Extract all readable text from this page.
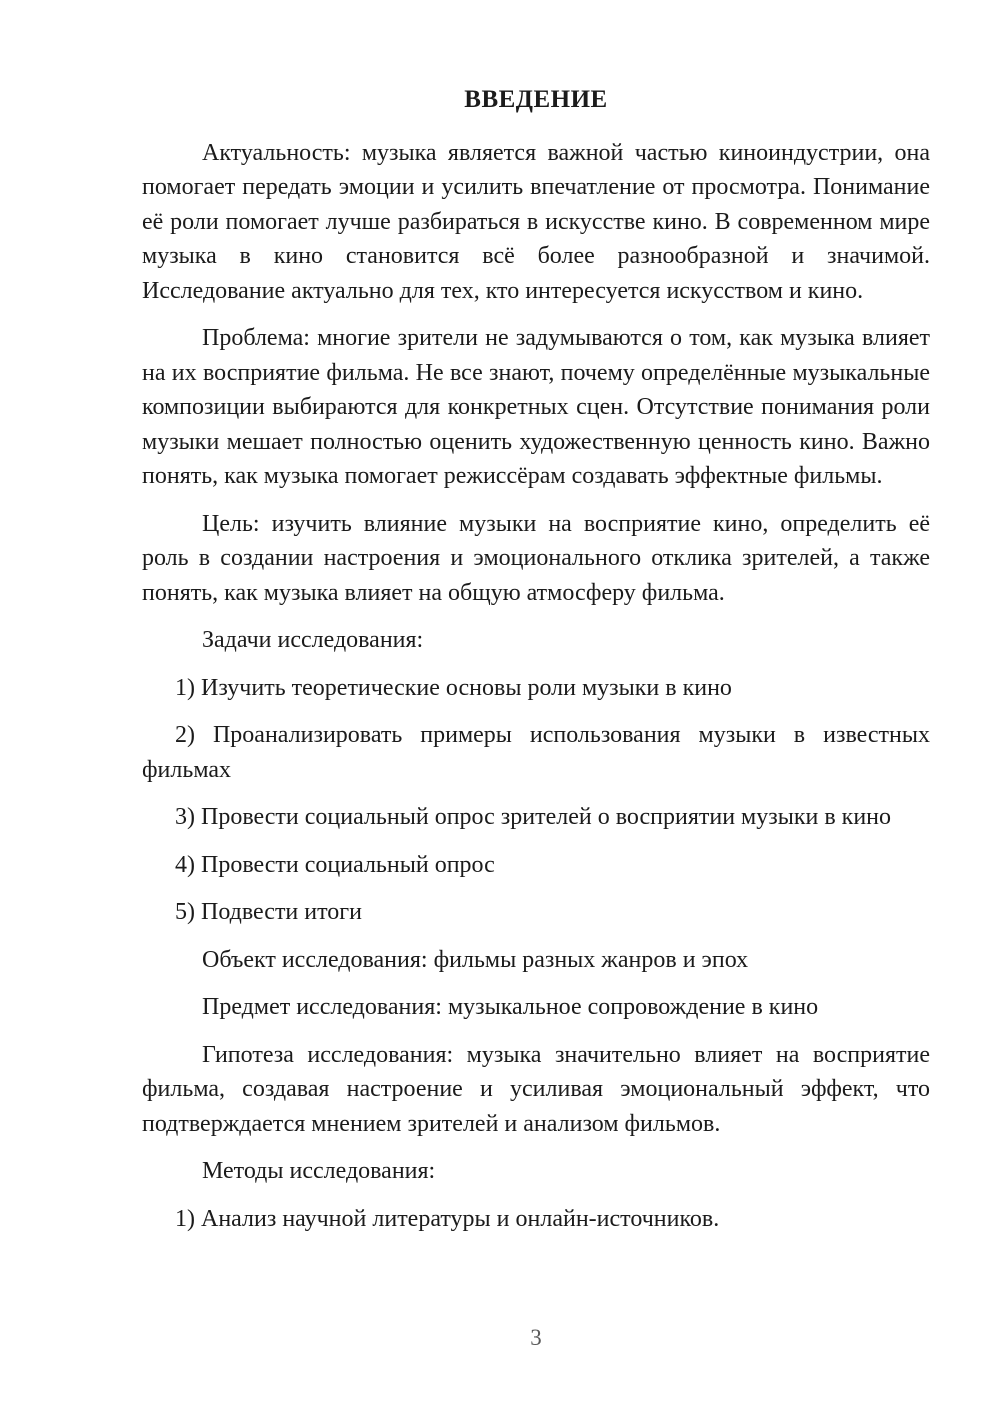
ВВЕДЕНИЕ

Актуальность: музыка является важной частью киноиндустрии, она помогает передать эмоции и усилить впечатление от просмотра. Понимание её роли помогает лучше разбираться в искусстве кино. В современном мире музыка в кино становится всё более разнообразной и значимой. Исследование актуально для тех, кто интересуется искусством и кино.

Проблема: многие зрители не задумываются о том, как музыка влияет на их восприятие фильма. Не все знают, почему определённые музыкальные композиции выбираются для конкретных сцен. Отсутствие понимания роли музыки мешает полностью оценить художественную ценность кино. Важно понять, как музыка помогает режиссёрам создавать эффектные фильмы.

Цель: изучить влияние музыки на восприятие кино, определить её роль в создании настроения и эмоционального отклика зрителей, а также понять, как музыка влияет на общую атмосферу фильма.

Задачи исследования:

1) Изучить теоретические основы роли музыки в кино

2) Проанализировать примеры использования музыки в известных фильмах

3) Провести социальный опрос зрителей о восприятии музыки в кино

4) Провести социальный опрос

5) Подвести итоги

Объект исследования: фильмы разных жанров и эпох

Предмет исследования: музыкальное сопровождение в кино

Гипотеза исследования: музыка значительно влияет на восприятие фильма, создавая настроение и усиливая эмоциональный эффект, что подтверждается мнением зрителей и анализом фильмов.

Методы исследования:

1) Анализ научной литературы и онлайн-источников.

3
